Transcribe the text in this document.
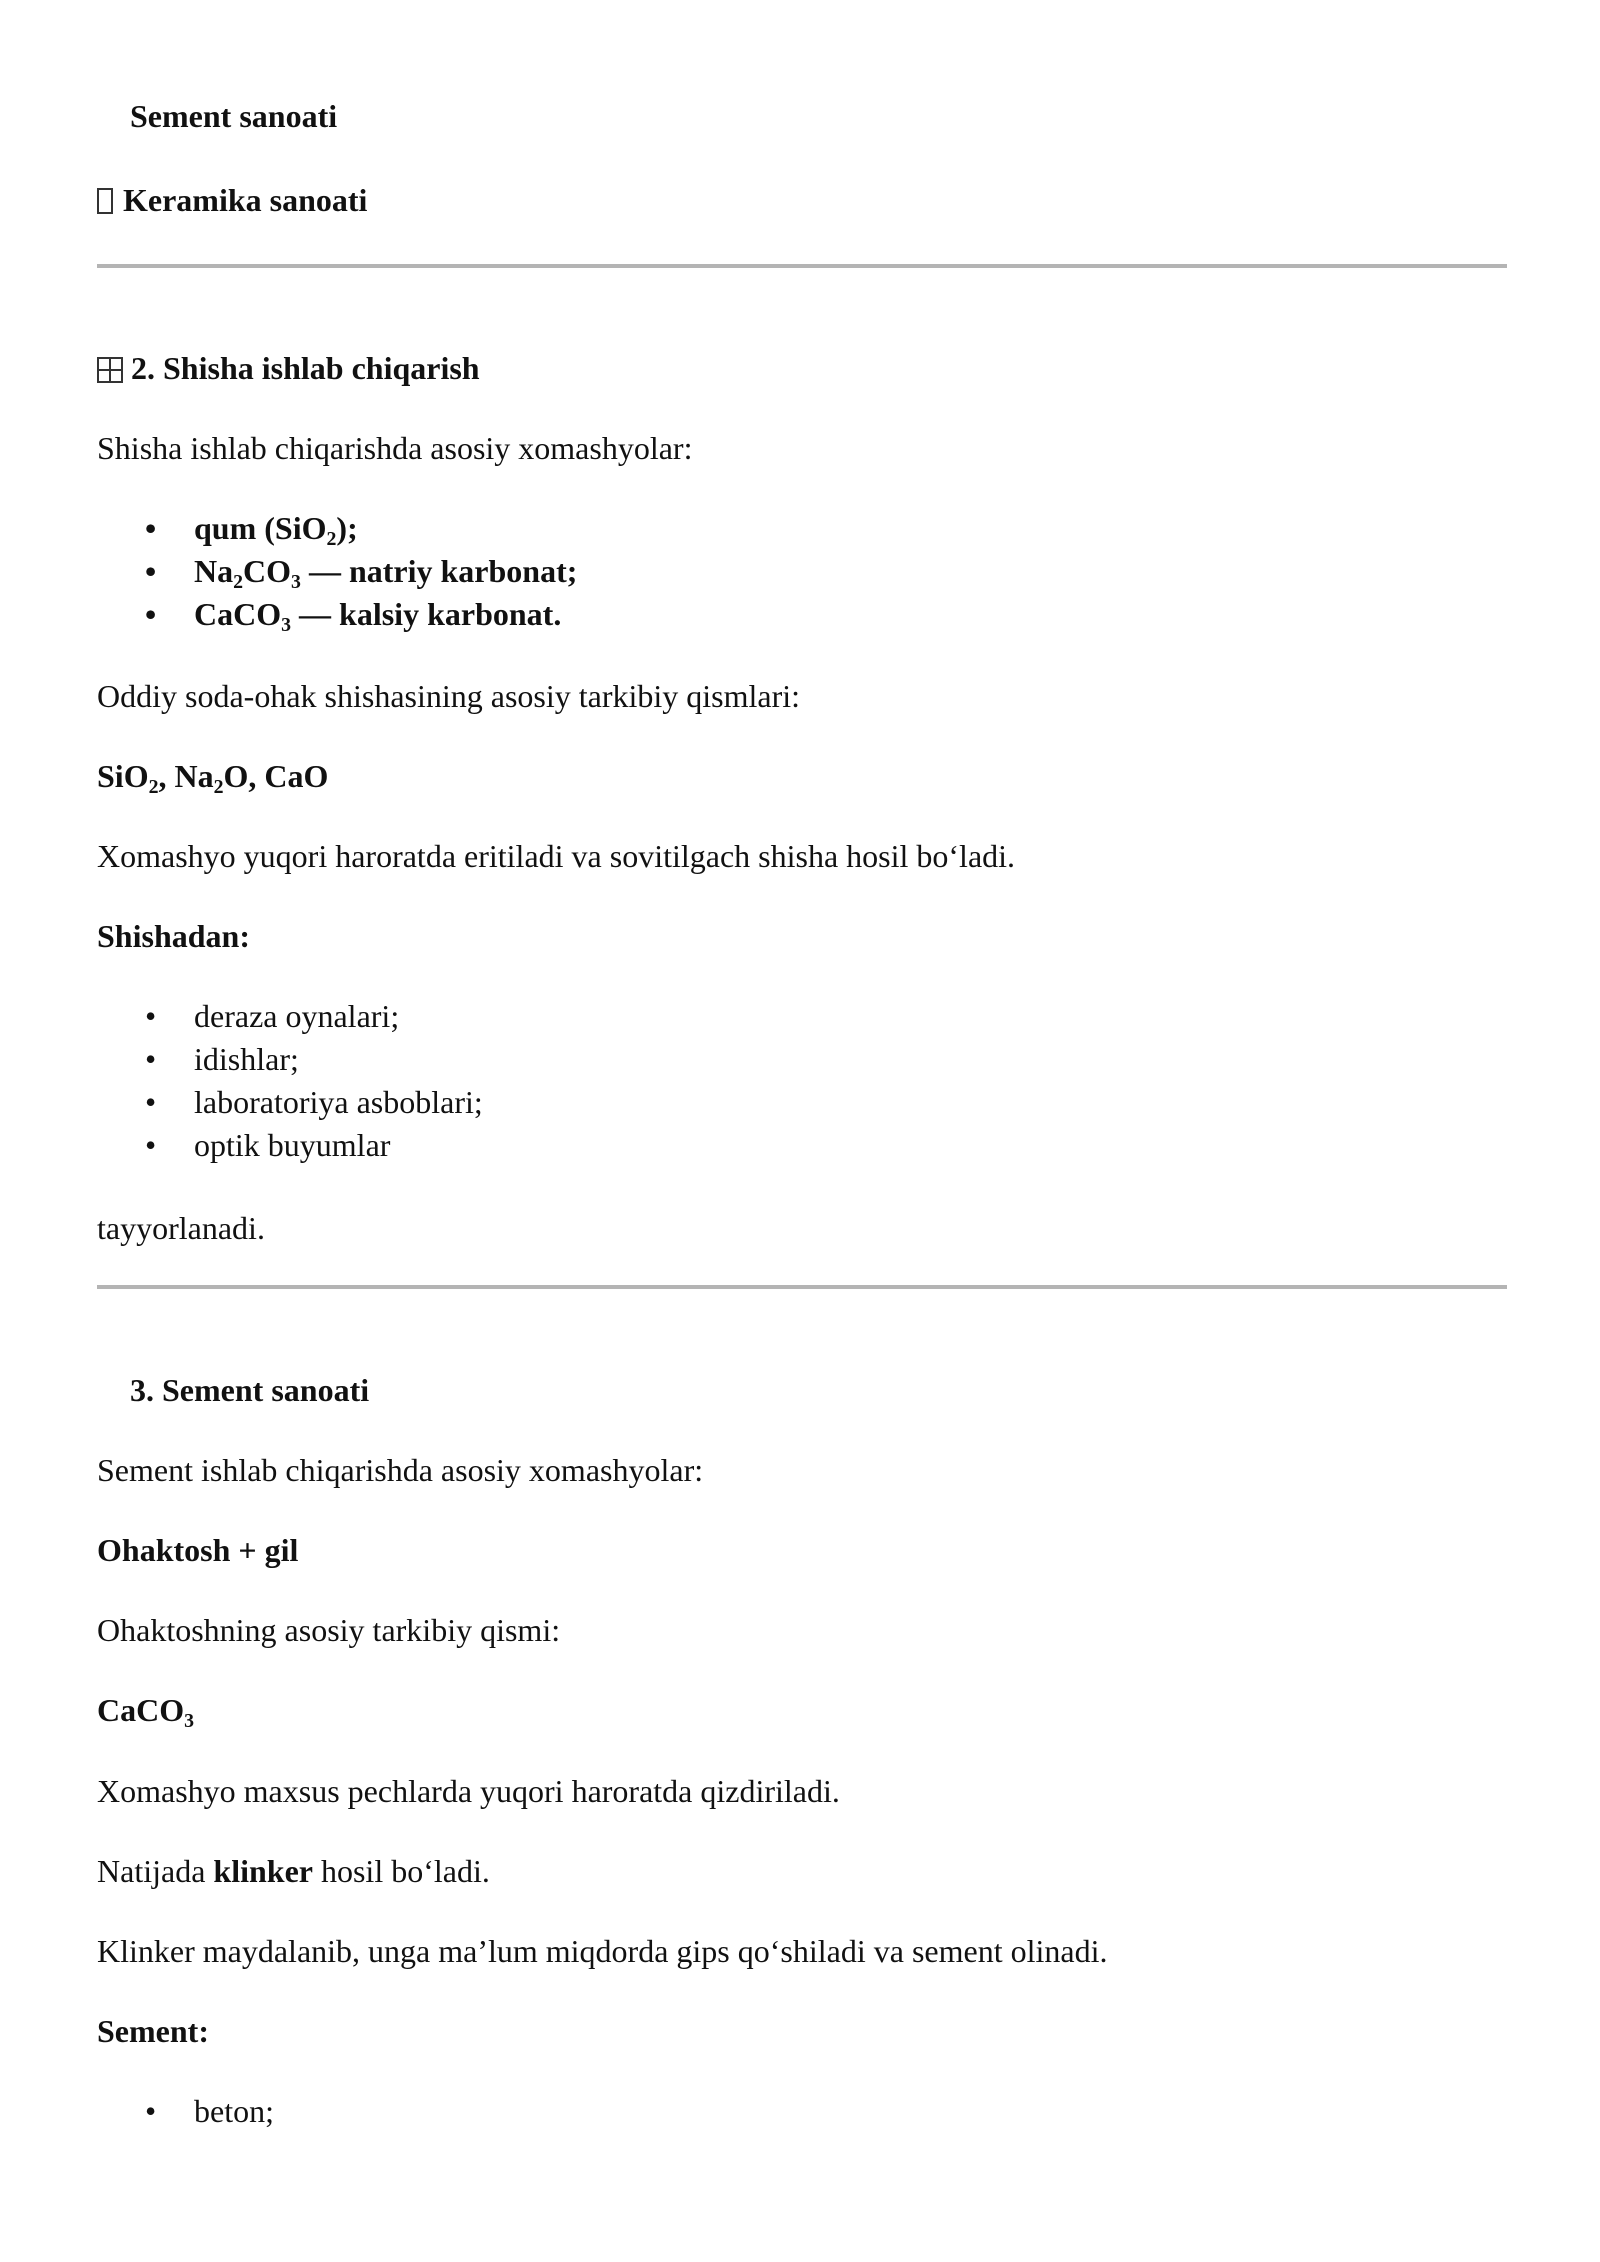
Sement sanoati

Keramika sanoati

2. Shisha ishlab chiqarish

Shisha ishlab chiqarishda asosiy xomashyolar:

• qum (SiO$_2$);
• $Na_2CO_3$ — natriy karbonat;
• CaCO$_3$ — kalsiy karbonat.

Oddiy soda-ohak shishasining asosiy tarkibiy qismlari:

SiO$_2$, $Na_2O$, CaO

Xomashyo yuqori haroratda eritiladi va sovitilgach shisha hosil bo‘ladi.

Shishadan:

• deraza oynalari;
• idishlar;
• laboratoriya asboblari;
• optik buyumlar

tayyorlanadi.

3. Sement sanoati

Sement ishlab chiqarishda asosiy xomashyolar:

Ohaktosh + gil

Ohaktoshning asosiy tarkibiy qismi:

CaCO$_3$

Xomashyo maxsus pechlarda yuqori haroratda qizdiriladi.

Natijada klinker hosil bo‘ladi.

Klinker maydalanib, unga ma’lum miqdorda gips qo‘shiladi va sement olinadi.

Sement:

• beton;
